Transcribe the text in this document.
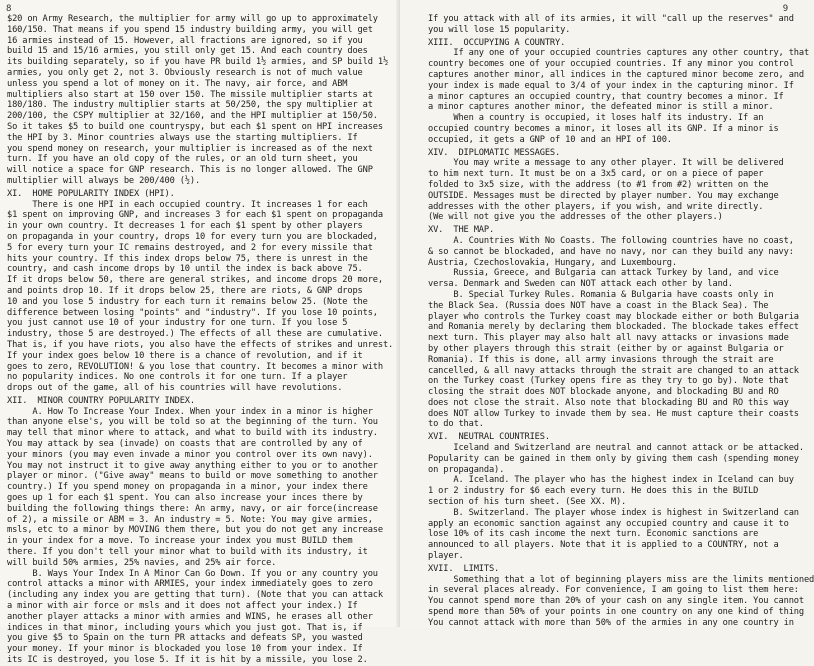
8
$20 on Army Research, the multiplier for army will go up to approximately
160/150. That means if you spend 15 industry building army, you will get
16 armies instead of 15. However, all fractions are ignored, so if you
build 15 and 15/16 armies, you still only get 15. And each country does
its building separately, so if you have PR build 1½ armies, and SP build 1½
armies, you only get 2, not 3. Obviously research is not of much value
unless you spend a lot of money on it. The navy, air force, and ABM
multipliers also start at 150 over 150. The missile multiplier starts at
180/180. The industry multiplier starts at 50/250, the spy multiplier at
200/100, the CSPY multiplier at 32/160, and the HPI multiplier at 150/50.
So it takes $5 to build one countryspy, but each $1 spent on HPI increases
the HPI by 3. Minor countries always use the starting multipliers. If
you spend money on research, your multiplier is increased as of the next
turn. If you have an old copy of the rules, or an old turn sheet, you
will notice a space for GNP research. This is no longer allowed. The GNP
multiplier will always be 200/400 (½).
XI.  HOME POPULARITY INDEX (HPI).
There is one HPI in each occupied country. It increases 1 for each
$1 spent on improving GNP, and increases 3 for each $1 spent on propaganda
in your own country. It decreases 1 for each $1 spent by other players
on propaganda in your country, drops 10 for every turn you are blockaded,
5 for every turn your IC remains destroyed, and 2 for every missile that
hits your country. If this index drops below 75, there is unrest in the
country, and cash income drops by 10 until the index is back above 75.
If it drops below 50, there are general strikes, and income drops 20 more,
and points drop 10. If it drops below 25, there are riots, & GNP drops
10 and you lose 5 industry for each turn it remains below 25. (Note the
difference between losing "points" and "industry". If you lose 10 points,
you just cannot use 10 of your industry for one turn. If you lose 5
industry, those 5 are destroyed.) The effects of all these are cumulative.
That is, if you have riots, you also have the effects of strikes and unrest.
If your index goes below 10 there is a chance of revolution, and if it
goes to zero, REVOLUTION! & you lose that country. It becomes a minor with
no popularity indices. No one controls it for one turn. If a player
drops out of the game, all of his countries will have revolutions.
XII.  MINOR COUNTRY POPULARITY INDEX.
A. How To Increase Your Index. When your index in a minor is higher
than anyone else's, you will be told so at the beginning of the turn. You
may tell that minor where to attack, and what to build with its industry.
You may attack by sea (invade) on coasts that are controlled by any of
your minors (you may even invade a minor you control over its own navy).
You may not instruct it to give away anything either to you or to another
player or minor. ("Give away" means to build or move something to another
country.) If you spend money on propaganda in a minor, your index there
goes up 1 for each $1 spent. You can also increase your inces there by
building the following things there: An army, navy, or air force(increase
of 2), a missile or ABM = 3. An industry = 5. Note: You may give armies,
msls, etc to a minor by MOVING them there, but you do not get any increase
in your index for a move. To increase your index you must BUILD them
there. If you don't tell your minor what to build with its industry, it
will build 50% armies, 25% navies, and 25% air force.
B. Ways Your Index In A Minor Can Go Down. If you or any country you
control attacks a minor with ARMIES, your index immediately goes to zero
(including any index you are getting that turn). (Note that you can attack
a minor with air force or msls and it does not affect your index.) If
another player attacks a minor with armies and WINS, he erases all other
indices in that minor, including yours which you just got. That is, if
you give $5 to Spain on the turn PR attacks and defeats SP, you wasted
your money. If your minor is blockaded you lose 10 from your index. If
its IC is destroyed, you lose 5. If it is hit by a missile, you lose 2.
9
If you attack with all of its armies, it will "call up the reserves" and
you will lose 15 popularity.
XIII.  OCCUPYING A COUNTRY.
If any one of your occupied countries captures any other country, that
country becomes one of your occupied countries. If any minor you control
captures another minor, all indices in the captured minor become zero, and
your index is made equal to 3/4 of your index in the capturing minor. If
a minor captures an occupied country, that country becomes a minor. If
a minor captures another minor, the defeated minor is still a minor.
When a country is occupied, it loses half its industry. If an
occupied country becomes a minor, it loses all its GNP. If a minor is
occupied, it gets a GNP of 10 and an HPI of 100.
XIV.  DIPLOMATIC MESSAGES.
You may write a message to any other player. It will be delivered
to him next turn. It must be on a 3x5 card, or on a piece of paper
folded to 3x5 size, with the address (to #1 from #2) written on the
OUTSIDE. Messages must be directed by player number. You may exchange
addresses with the other players, if you wish, and write directly.
(We will not give you the addresses of the other players.)
XV.  THE MAP.
A. Countries With No Coasts. The following countries have no coast,
& so cannot be blockaded, and have no navy, nor can they build any navy:
Austria, Czechoslovakia, Hungary, and Luxembourg.
Russia, Greece, and Bulgaria can attack Turkey by land, and vice
versa. Denmark and Sweden can NOT attack each other by land.
B. Special Turkey Rules. Romania & Bulgaria have coasts only in
the Black Sea. (Russia does NOT have a coast in the Black Sea). The
player who controls the Turkey coast may blockade either or both Bulgaria
and Romania merely by declaring them blockaded. The blockade takes effect
next turn. This player may also halt all navy attacks or invasions made
by other players through this strait (either by or against Bulgaria or
Romania). If this is done, all army invasions through the strait are
cancelled, & all navy attacks through the strait are changed to an attack
on the Turkey coast (Turkey opens fire as they try to go by). Note that
closing the strait does NOT blockade anyone, and blockading BU and RO
does not close the strait. Also note that blockading BU and RO this way
does NOT allow Turkey to invade them by sea. He must capture their coasts
to do that.
XVI.  NEUTRAL COUNTRIES.
Iceland and Switzerland are neutral and cannot attack or be attacked.
Popularity can be gained in them only by giving them cash (spending money
on propaganda).
A. Iceland. The player who has the highest index in Iceland can buy
1 or 2 industry for $6 each every turn. He does this in the BUILD
section of his turn sheet. (See XX. M).
B. Switzerland. The player whose index is highest in Switzerland can
apply an economic sanction against any occupied country and cause it to
lose 10% of its cash income the next turn. Economic sanctions are
announced to all players. Note that it is applied to a COUNTRY, not a
player.
XVII.  LIMITS.
Something that a lot of beginning players miss are the limits mentioned
in several places already. For convenience, I am going to list them here:
You cannot spend more than 20% of your cash on any single item. You cannot
spend more than 50% of your points in one country on any one kind of thing
You cannot attack with more than 50% of the armies in any one country in
